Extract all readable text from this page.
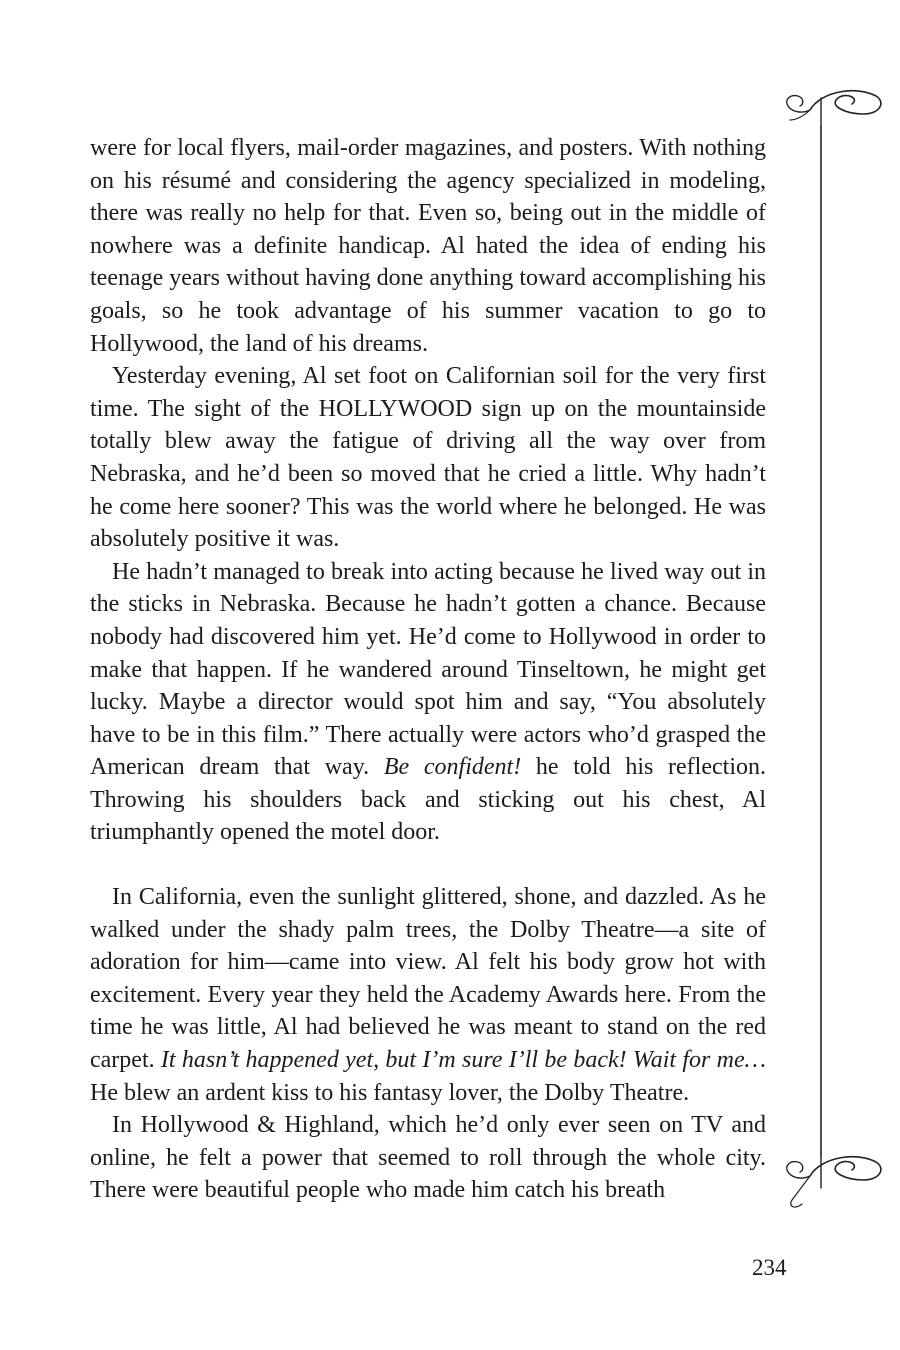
were for local flyers, mail-order magazines, and posters. With nothing on his résumé and considering the agency specialized in modeling, there was really no help for that. Even so, being out in the middle of nowhere was a definite handicap. Al hated the idea of ending his teenage years without having done anything toward accomplishing his goals, so he took advantage of his summer vacation to go to Hollywood, the land of his dreams.

Yesterday evening, Al set foot on Californian soil for the very first time. The sight of the HOLLYWOOD sign up on the mountainside totally blew away the fatigue of driving all the way over from Nebraska, and he’d been so moved that he cried a little. Why hadn’t he come here sooner? This was the world where he belonged. He was absolutely positive it was.

He hadn’t managed to break into acting because he lived way out in the sticks in Nebraska. Because he hadn’t gotten a chance. Because nobody had discovered him yet. He’d come to Hollywood in order to make that happen. If he wandered around Tinseltown, he might get lucky. Maybe a director would spot him and say, “You absolutely have to be in this film.” There actually were actors who’d grasped the American dream that way. Be confident! he told his reflection. Throwing his shoulders back and sticking out his chest, Al triumphantly opened the motel door.

In California, even the sunlight glittered, shone, and dazzled. As he walked under the shady palm trees, the Dolby Theatre—a site of adoration for him—came into view. Al felt his body grow hot with excitement. Every year they held the Academy Awards here. From the time he was little, Al had believed he was meant to stand on the red carpet. It hasn’t happened yet, but I’m sure I’ll be back! Wait for me… He blew an ardent kiss to his fantasy lover, the Dolby Theatre.

In Hollywood & Highland, which he’d only ever seen on TV and online, he felt a power that seemed to roll through the whole city. There were beautiful people who made him catch his breath

234
